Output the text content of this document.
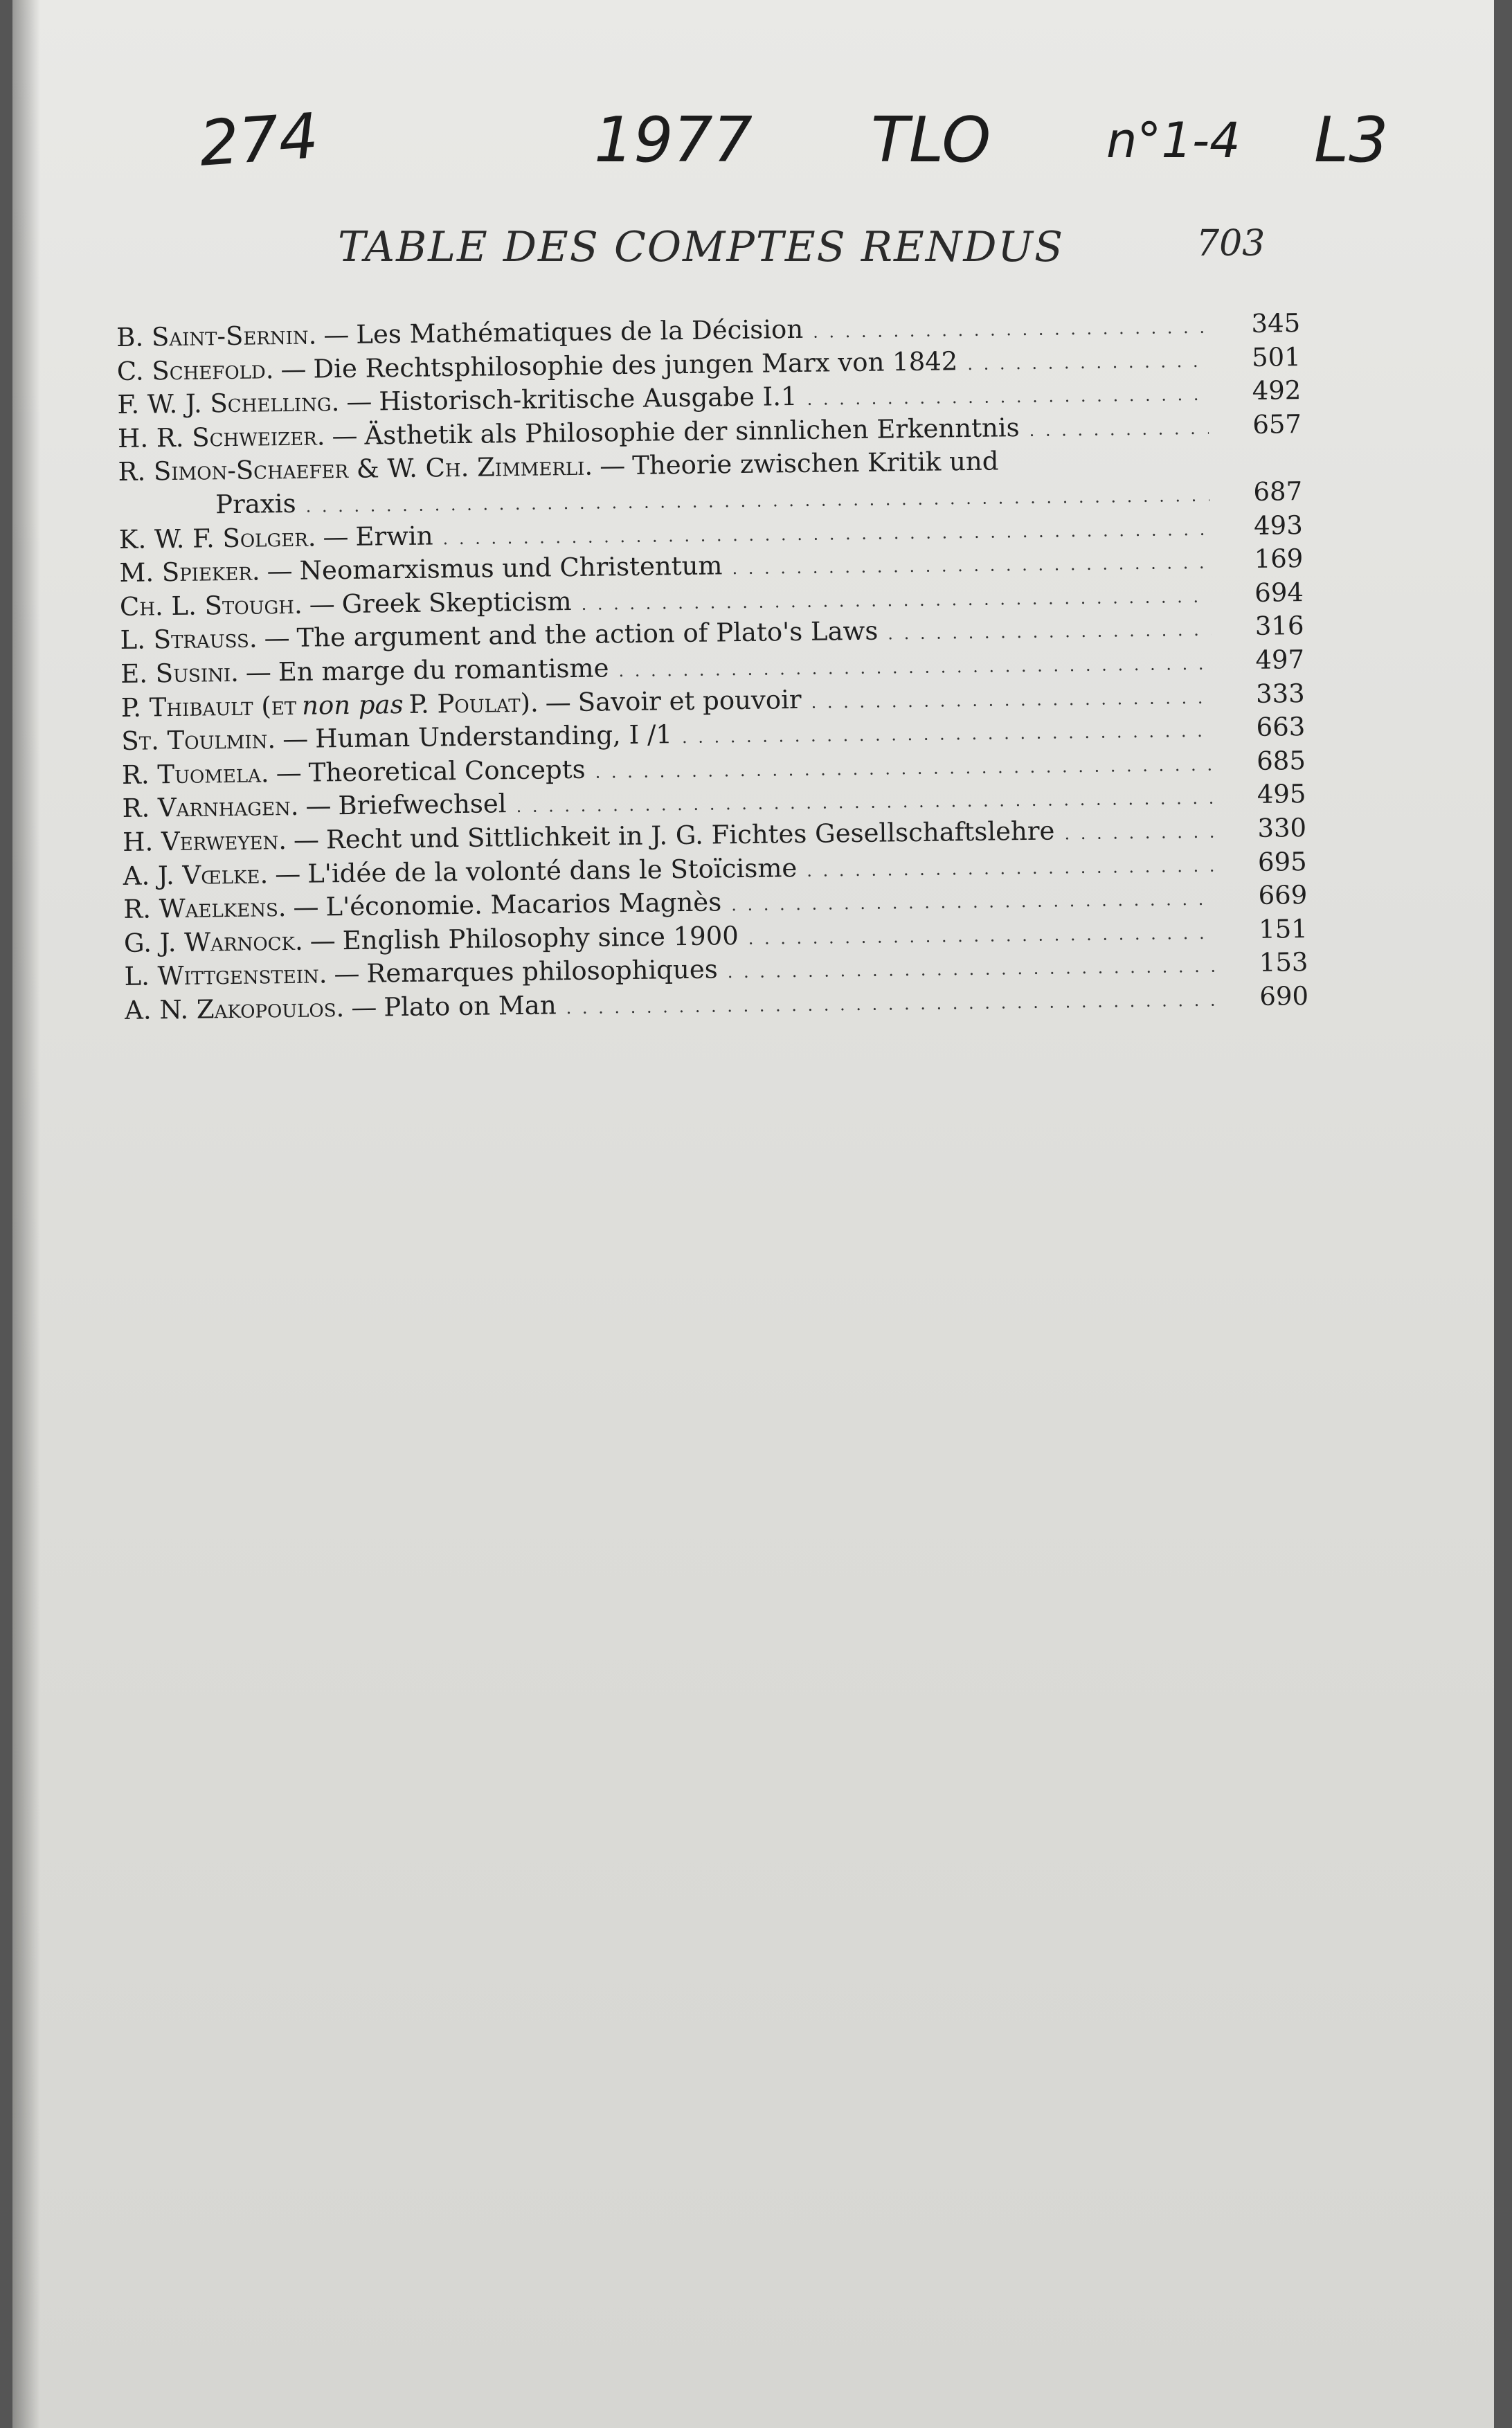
274	1977 TLO n°1-4 L3
TABLE DES COMPTES RENDUS	703
B. Saint-Sernin. — Les Mathématiques de la Décision . . .	345
C. Schefold. — Die Rechtsphilosophie des jungen Marx von 1842 . . .	501
F. W. J. Schelling. — Historisch-kritische Ausgabe I.1 . . .	492
H. R. Schweizer. — Ästhetik als Philosophie der sinnlichen Erkenntnis . . .	657
R. Simon-Schaefer & W. Ch. Zimmerli. — Theorie zwischen Kritik und
Praxis . . .	687
K. W. F. Solger. — Erwin . . .	493
M. Spieker. — Neomarxismus und Christentum . . .	169
Ch. L. Stough. — Greek Skepticism . . .	694
L. Strauss. — The argument and the action of Plato's Laws . . .	316
E. Susini. — En marge du romantisme . . .	497
P. Thibault (et non pas P. Poulat). — Savoir et pouvoir . . .	333
St. Toulmin. — Human Understanding, I /1 . . .	663
R. Tuomela. — Theoretical Concepts . . .	685
R. Varnhagen. — Briefwechsel . . .	495
H. Verweyen. — Recht und Sittlichkeit in J. G. Fichtes Gesellschaftslehre . . .	330
A. J. Vœlke. — L'idée de la volonté dans le Stoïcisme . . .	695
R. Waelkens. — L'économie. Macarios Magnès . . .	669
G. J. Warnock. — English Philosophy since 1900 . . .	151
L. Wittgenstein. — Remarques philosophiques . . .	153
A. N. Zakopoulos. — Plato on Man . . .	690
